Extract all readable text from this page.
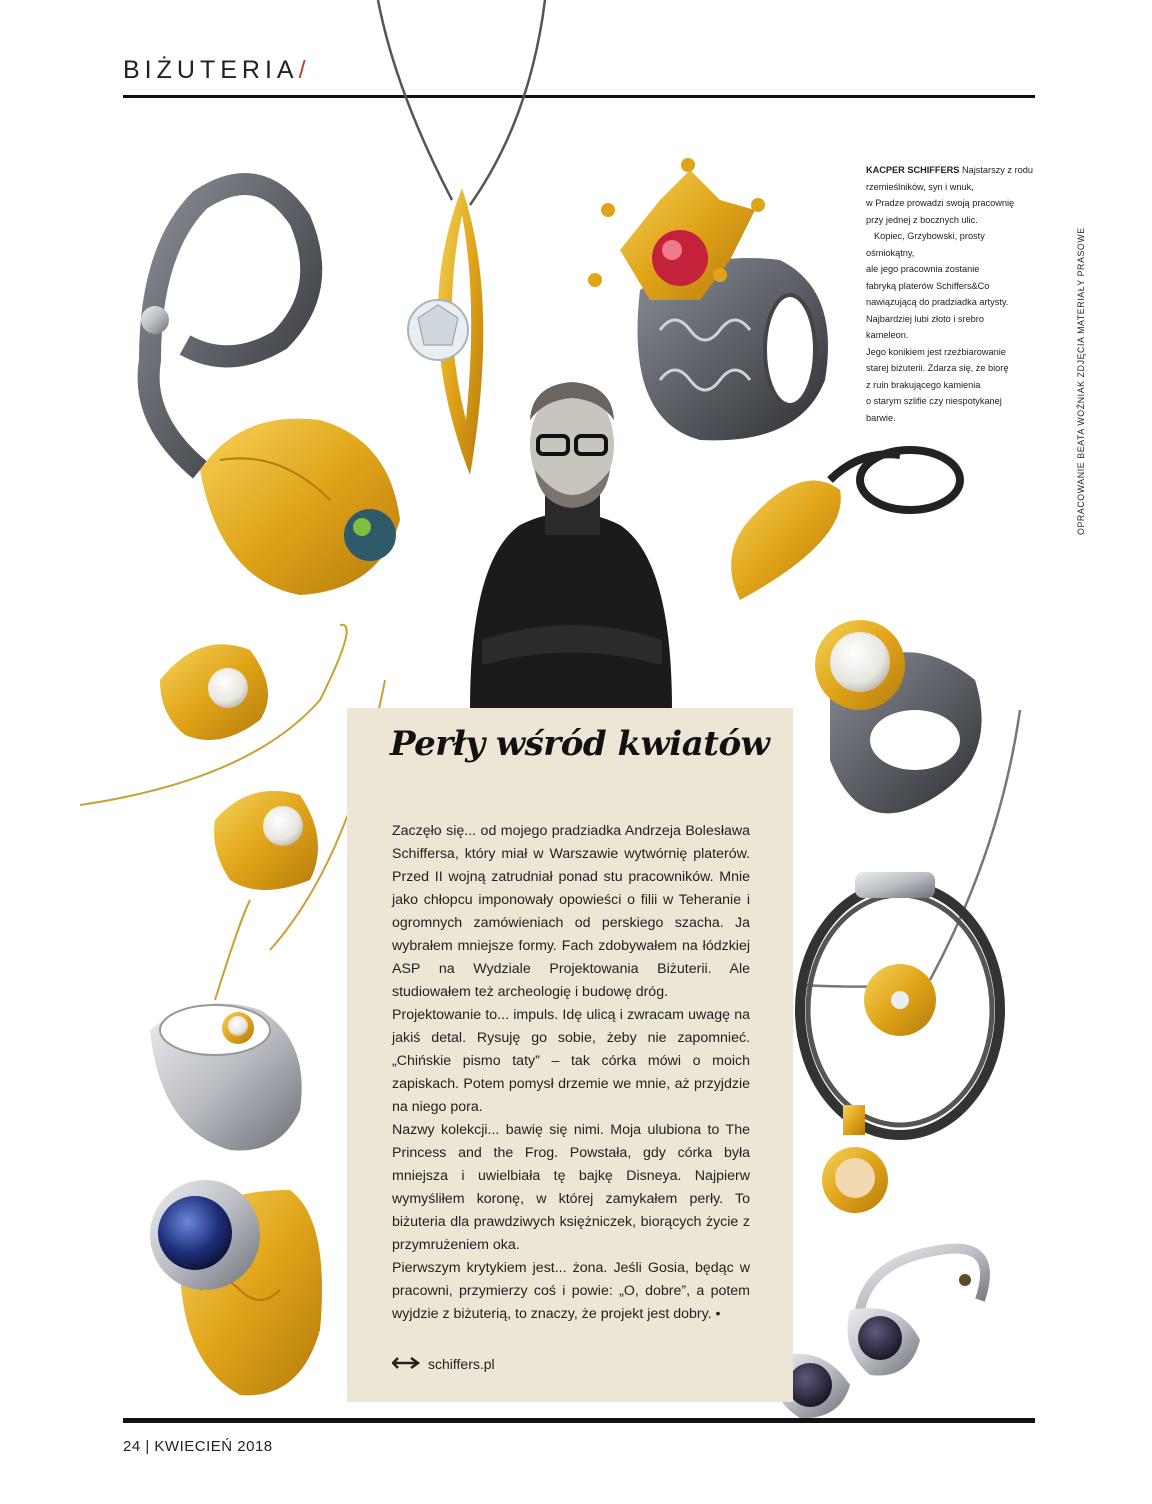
BIŻUTERIA/

KACPER SCHIFFERS Najstarszy z rodu rzemieślników, syn i wnuk,

w Pradze prowadzi swoją pracownię

przy jednej z bocznych ulic.

Kopiec, Grzybowski, prosty ośmiokątny,

ale jego pracownia zostanie

fabryką platerów Schiffers&Co

nawiązującą do pradziadka artysty.

Najbardziej lubi złoto i srebro

kameleon.

Jego konikiem jest rzeźbiarowanie

starej biżuterii. Zdarza się, że biorę

z ruin brakującego kamienia

o starym szlifie czy niespotykanej

barwie.	OPRACOWANIE BEATA WOŹNIAK ZDJĘCIA MATERIAŁY PRASOWE
Perły wśród kwiatów

Zaczęło się... od mojego pradziadka Andrzeja Bolesława Schiffersa, który miał w Warszawie wytwórnię platerów. Przed II wojną zatrudniał ponad stu pracowników. Mnie jako chłopcu imponowały opowieści o filii w Teheranie i ogromnych zamówieniach od perskiego szacha. Ja wybrałem mniejsze formy. Fach zdobywałem na łódzkiej ASP na Wydziale Projektowania Biżuterii. Ale studiowałem też archeologię i budowę dróg.

Projektowanie to... impuls. Idę ulicą i zwracam uwagę na jakiś detal. Rysuję go sobie, żeby nie zapomnieć. „Chińskie pismo taty” – tak córka mówi o moich zapiskach. Potem pomysł drzemie we mnie, aż przyjdzie na niego pora.

Nazwy kolekcji... bawię się nimi. Moja ulubiona to The Princess and the Frog. Powstała, gdy córka była mniejsza i uwielbiała tę bajkę Disneya. Najpierw wymyśliłem koronę, w której zamykałem perły. To biżuteria dla prawdziwych księżniczek, biorących życie z przymrużeniem oka.

Pierwszym krytykiem jest... żona. Jeśli Gosia, będąc w pracowni, przymierzy coś i powie: „O, dobre”, a potem wyjdzie z biżuterią, to znaczy, że projekt jest dobry. •

schiffers.pl
24 | KWIECIEŃ 2018
